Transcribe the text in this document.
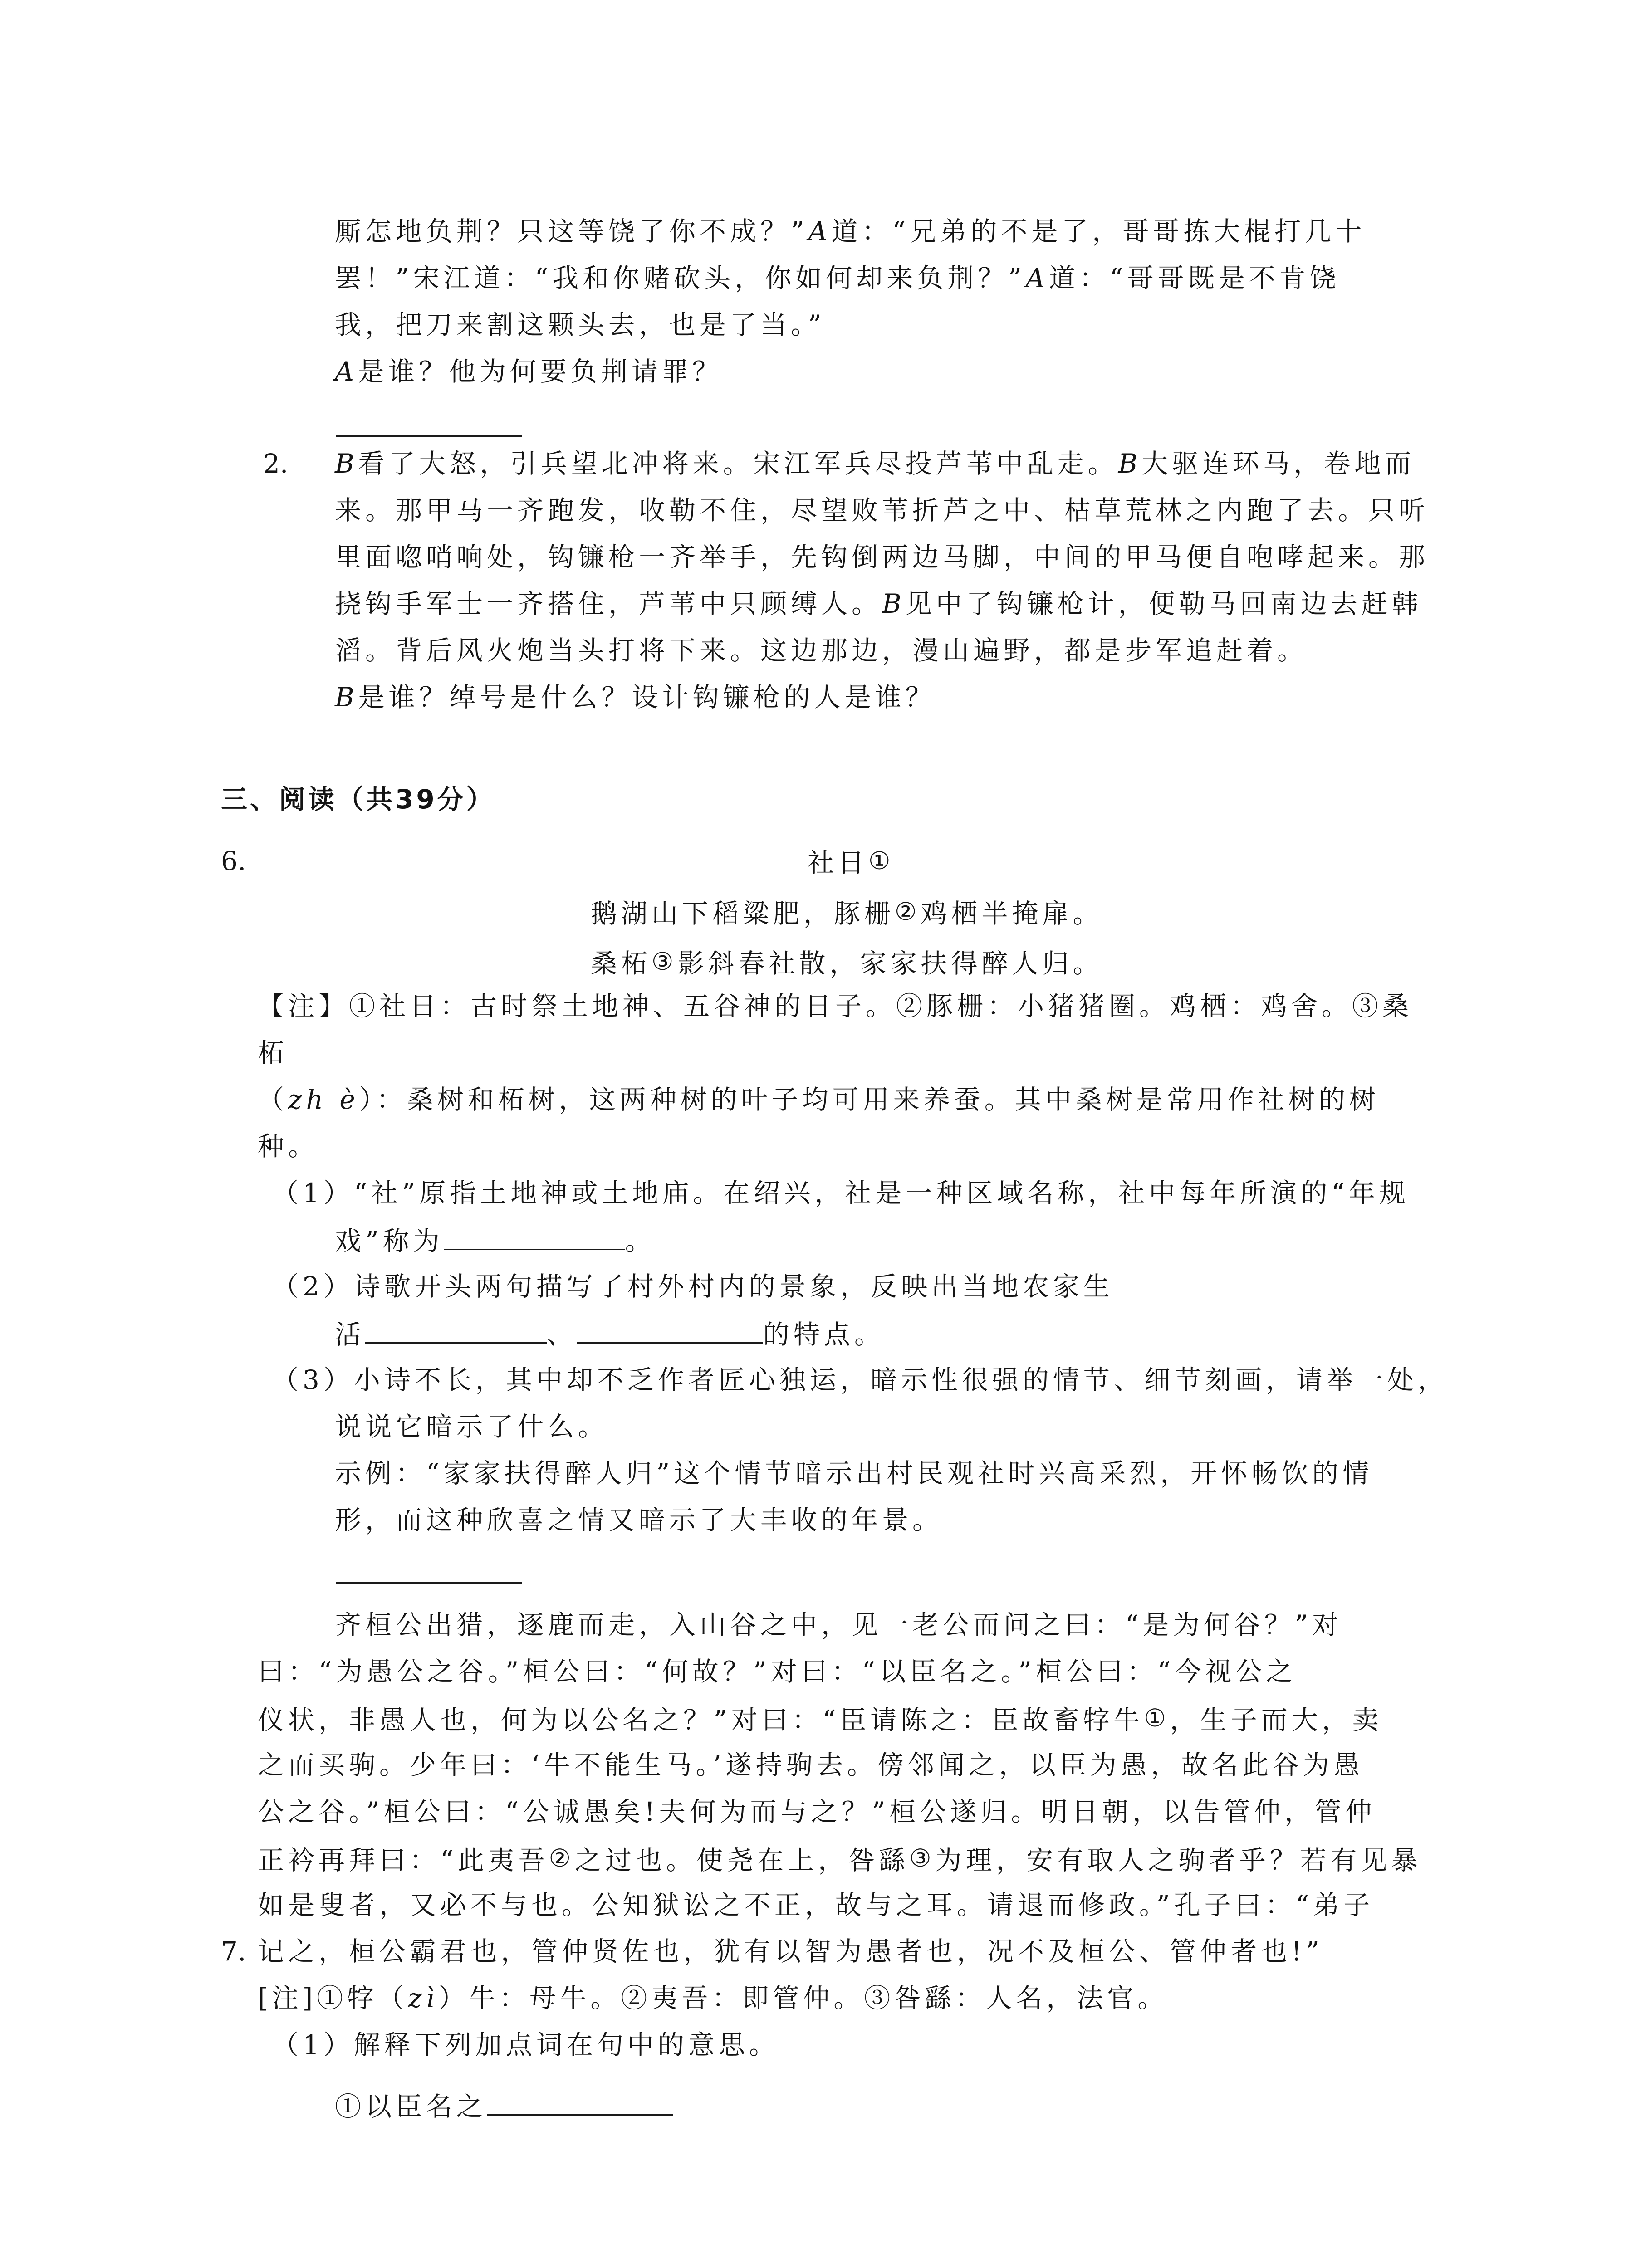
厮怎地负荆？只这等饶了你不成？”A道：“兄弟的不是了，哥哥拣大棍打几十
罢！”宋江道：“我和你赌砍头，你如何却来负荆？”A道：“哥哥既是不肯饶
我，把刀来割这颗头去，也是了当。”
A是谁？他为何要负荆请罪？
2. B看了大怒，引兵望北冲将来。宋江军兵尽投芦苇中乱走。B大驱连环马，卷地而
来。那甲马一齐跑发，收勒不住，尽望败苇折芦之中、枯草荒林之内跑了去。只听
里面唿哨响处，钩镰枪一齐举手，先钩倒两边马脚，中间的甲马便自咆哮起来。那
挠钩手军士一齐搭住，芦苇中只顾缚人。B见中了钩镰枪计，便勒马回南边去赶韩
滔。背后风火炮当头打将下来。这边那边，漫山遍野，都是步军追赶着。
B是谁？绰号是什么？设计钩镰枪的人是谁？
三、阅读（共39分）
6.	社日①
鹅湖山下稻粱肥，豚栅②鸡栖半掩扉。
桑柘③影斜春社散，家家扶得醉人归。
【注】①社日：古时祭土地神、五谷神的日子。②豚栅：小猪猪圈。鸡栖：鸡舍。③桑
柘
（zh è）：桑树和柘树，这两种树的叶子均可用来养蚕。其中桑树是常用作社树的树
种。
（1）“社”原指土地神或土地庙。在绍兴，社是一种区域名称，社中每年所演的“年规
戏”称为	。
（2）诗歌开头两句描写了村外村内的景象，反映出当地农家生
活	、	的特点。
（3）小诗不长，其中却不乏作者匠心独运，暗示性很强的情节、细节刻画，请举一处，
说说它暗示了什么。
示例：“家家扶得醉人归”这个情节暗示出村民观社时兴高采烈，开怀畅饮的情
形，而这种欣喜之情又暗示了大丰收的年景。
齐桓公出猎，逐鹿而走，入山谷之中，见一老公而问之曰：“是为何谷？”对
曰：“为愚公之谷。”桓公曰：“何故？”对曰：“以臣名之。”桓公曰：“今视公之
仪状，非愚人也，何为以公名之？”对曰：“臣请陈之：臣故畜牸牛①，生子而大，卖
之而买驹。少年曰：‘牛不能生马。’遂持驹去。傍邻闻之，以臣为愚，故名此谷为愚
公之谷。”桓公曰：“公诚愚矣!夫何为而与之？”桓公遂归。明日朝，以告管仲，管仲
正衿再拜曰：“此夷吾②之过也。使尧在上，咎繇③为理，安有取人之驹者乎？若有见暴
如是叟者，又必不与也。公知狱讼之不正，故与之耳。请退而修政。”孔子曰：“弟子
7. 记之，桓公霸君也，管仲贤佐也，犹有以智为愚者也，况不及桓公、管仲者也!”
[注]①牸（zì）牛：母牛。②夷吾：即管仲。③咎繇：人名，法官。
（1）解释下列加点词在句中的意思。
①以臣名之
